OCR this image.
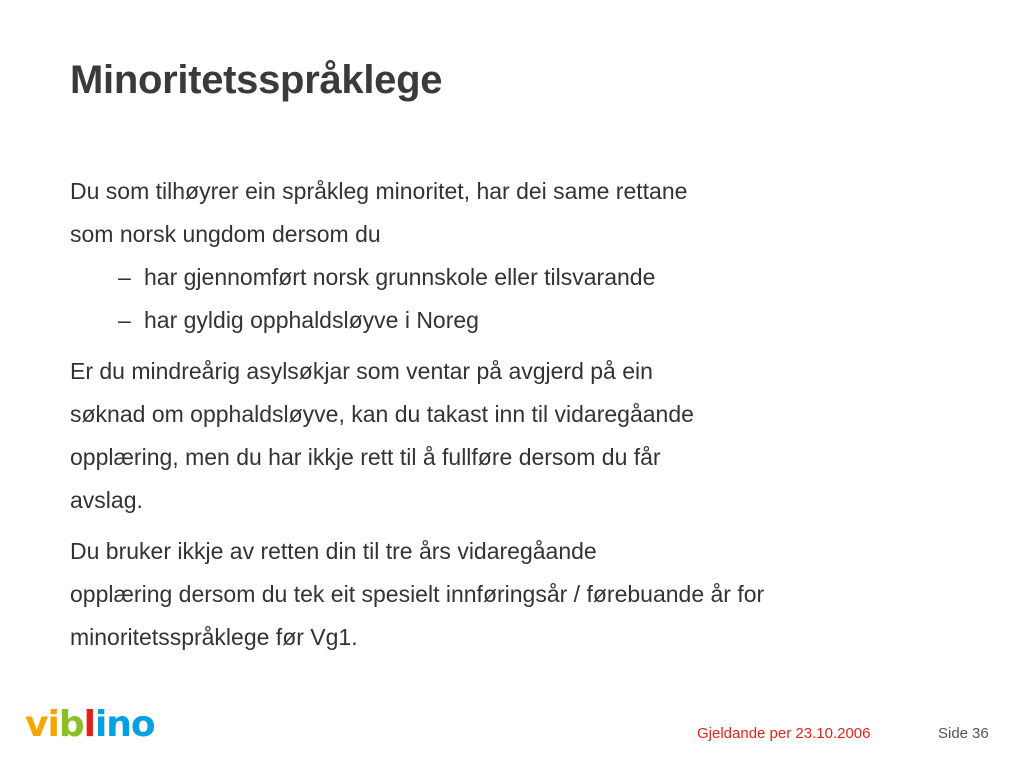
Minoritetsspråklege
Du som tilhøyrer ein språkleg minoritet, har dei same rettane
som norsk ungdom dersom du
– har gjennomført norsk grunnskole eller tilsvarande
– har gyldig opphaldsløyve i Noreg
Er du mindreårig asylsøkjar som ventar på avgjerd på ein
søknad om opphaldsløyve, kan du takast inn til vidaregåande
opplæring, men du har ikkje rett til å fullføre dersom du får
avslag.
Du bruker ikkje av retten din til tre års vidaregåande
opplæring dersom du tek eit spesielt innføringsår / førebuande år for
minoritetsspråklege før Vg1.
viblino	Gjeldande per 23.10.2006	Side 36
